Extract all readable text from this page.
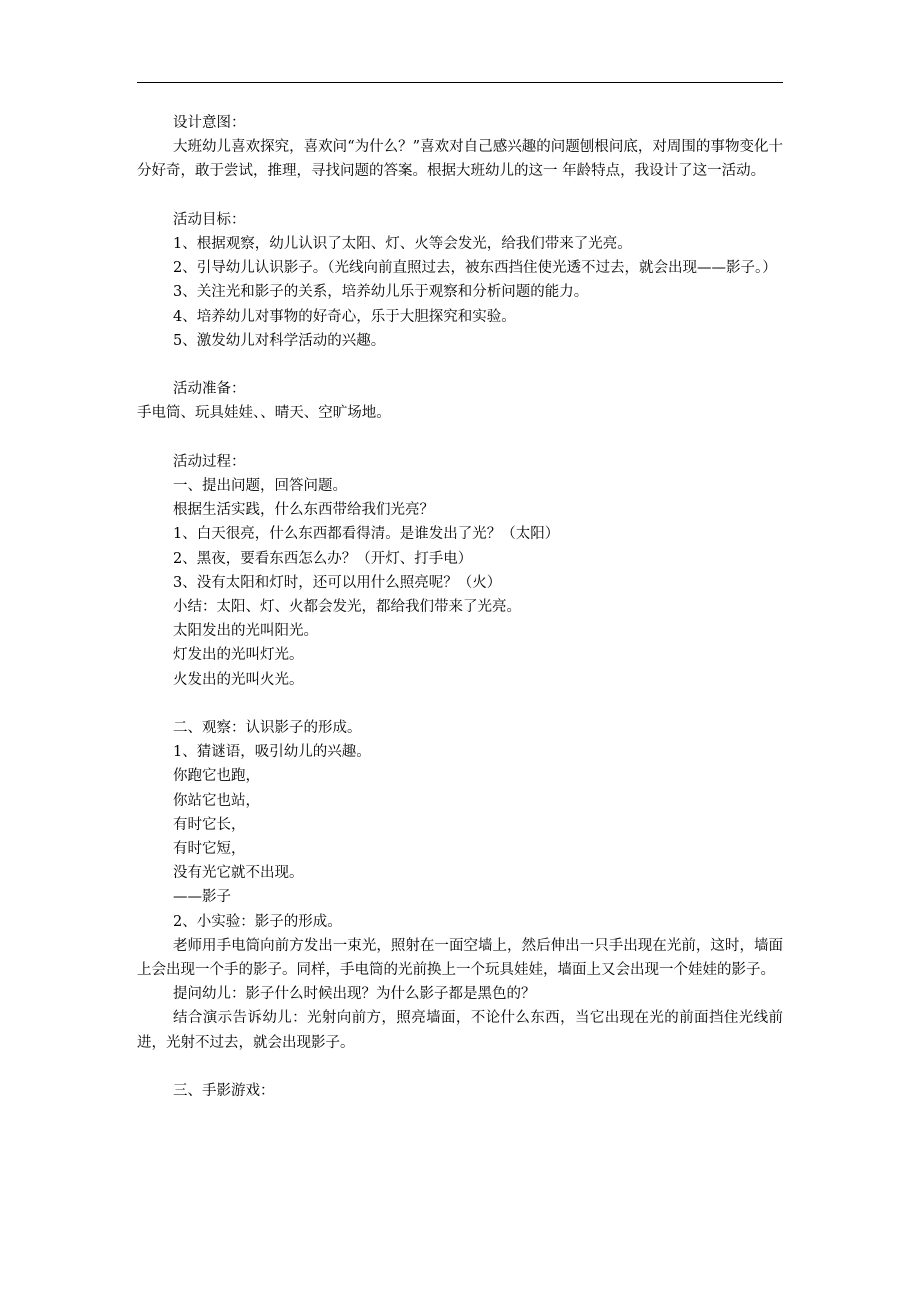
设计意图：
大班幼儿喜欢探究，喜欢问“为什么？”喜欢对自己感兴趣的问题刨根问底，对周围的事物变化十分好奇，敢于尝试，推理，寻找问题的答案。根据大班幼儿的这一 年龄特点，我设计了这一活动。
活动目标：
1、根据观察，幼儿认识了太阳、灯、火等会发光，给我们带来了光亮。
2、引导幼儿认识影子。（光线向前直照过去，被东西挡住使光透不过去，就会出现——影子。）
3、关注光和影子的关系，培养幼儿乐于观察和分析问题的能力。
4、培养幼儿对事物的好奇心，乐于大胆探究和实验。
5、激发幼儿对科学活动的兴趣。
活动准备：
手电筒、玩具娃娃、、晴天、空旷场地。
活动过程：
一、提出问题，回答问题。
根据生活实践，什么东西带给我们光亮？
1、白天很亮，什么东西都看得清。是谁发出了光？（太阳）
2、黑夜，要看东西怎么办？（开灯、打手电）
3、没有太阳和灯时，还可以用什么照亮呢？（火）
小结：太阳、灯、火都会发光，都给我们带来了光亮。
太阳发出的光叫阳光。
灯发出的光叫灯光。
火发出的光叫火光。
二、观察：认识影子的形成。
1、猜谜语，吸引幼儿的兴趣。
你跑它也跑，
你站它也站，
有时它长，
有时它短，
没有光它就不出现。
——影子
2、小实验：影子的形成。
老师用手电筒向前方发出一束光，照射在一面空墙上，然后伸出一只手出现在光前，这时，墙面上会出现一个手的影子。同样，手电筒的光前换上一个玩具娃娃，墙面上又会出现一个娃娃的影子。
提问幼儿：影子什么时候出现？为什么影子都是黑色的？
结合演示告诉幼儿：光射向前方，照亮墙面，不论什么东西，当它出现在光的前面挡住光线前进，光射不过去，就会出现影子。
三、手影游戏：
